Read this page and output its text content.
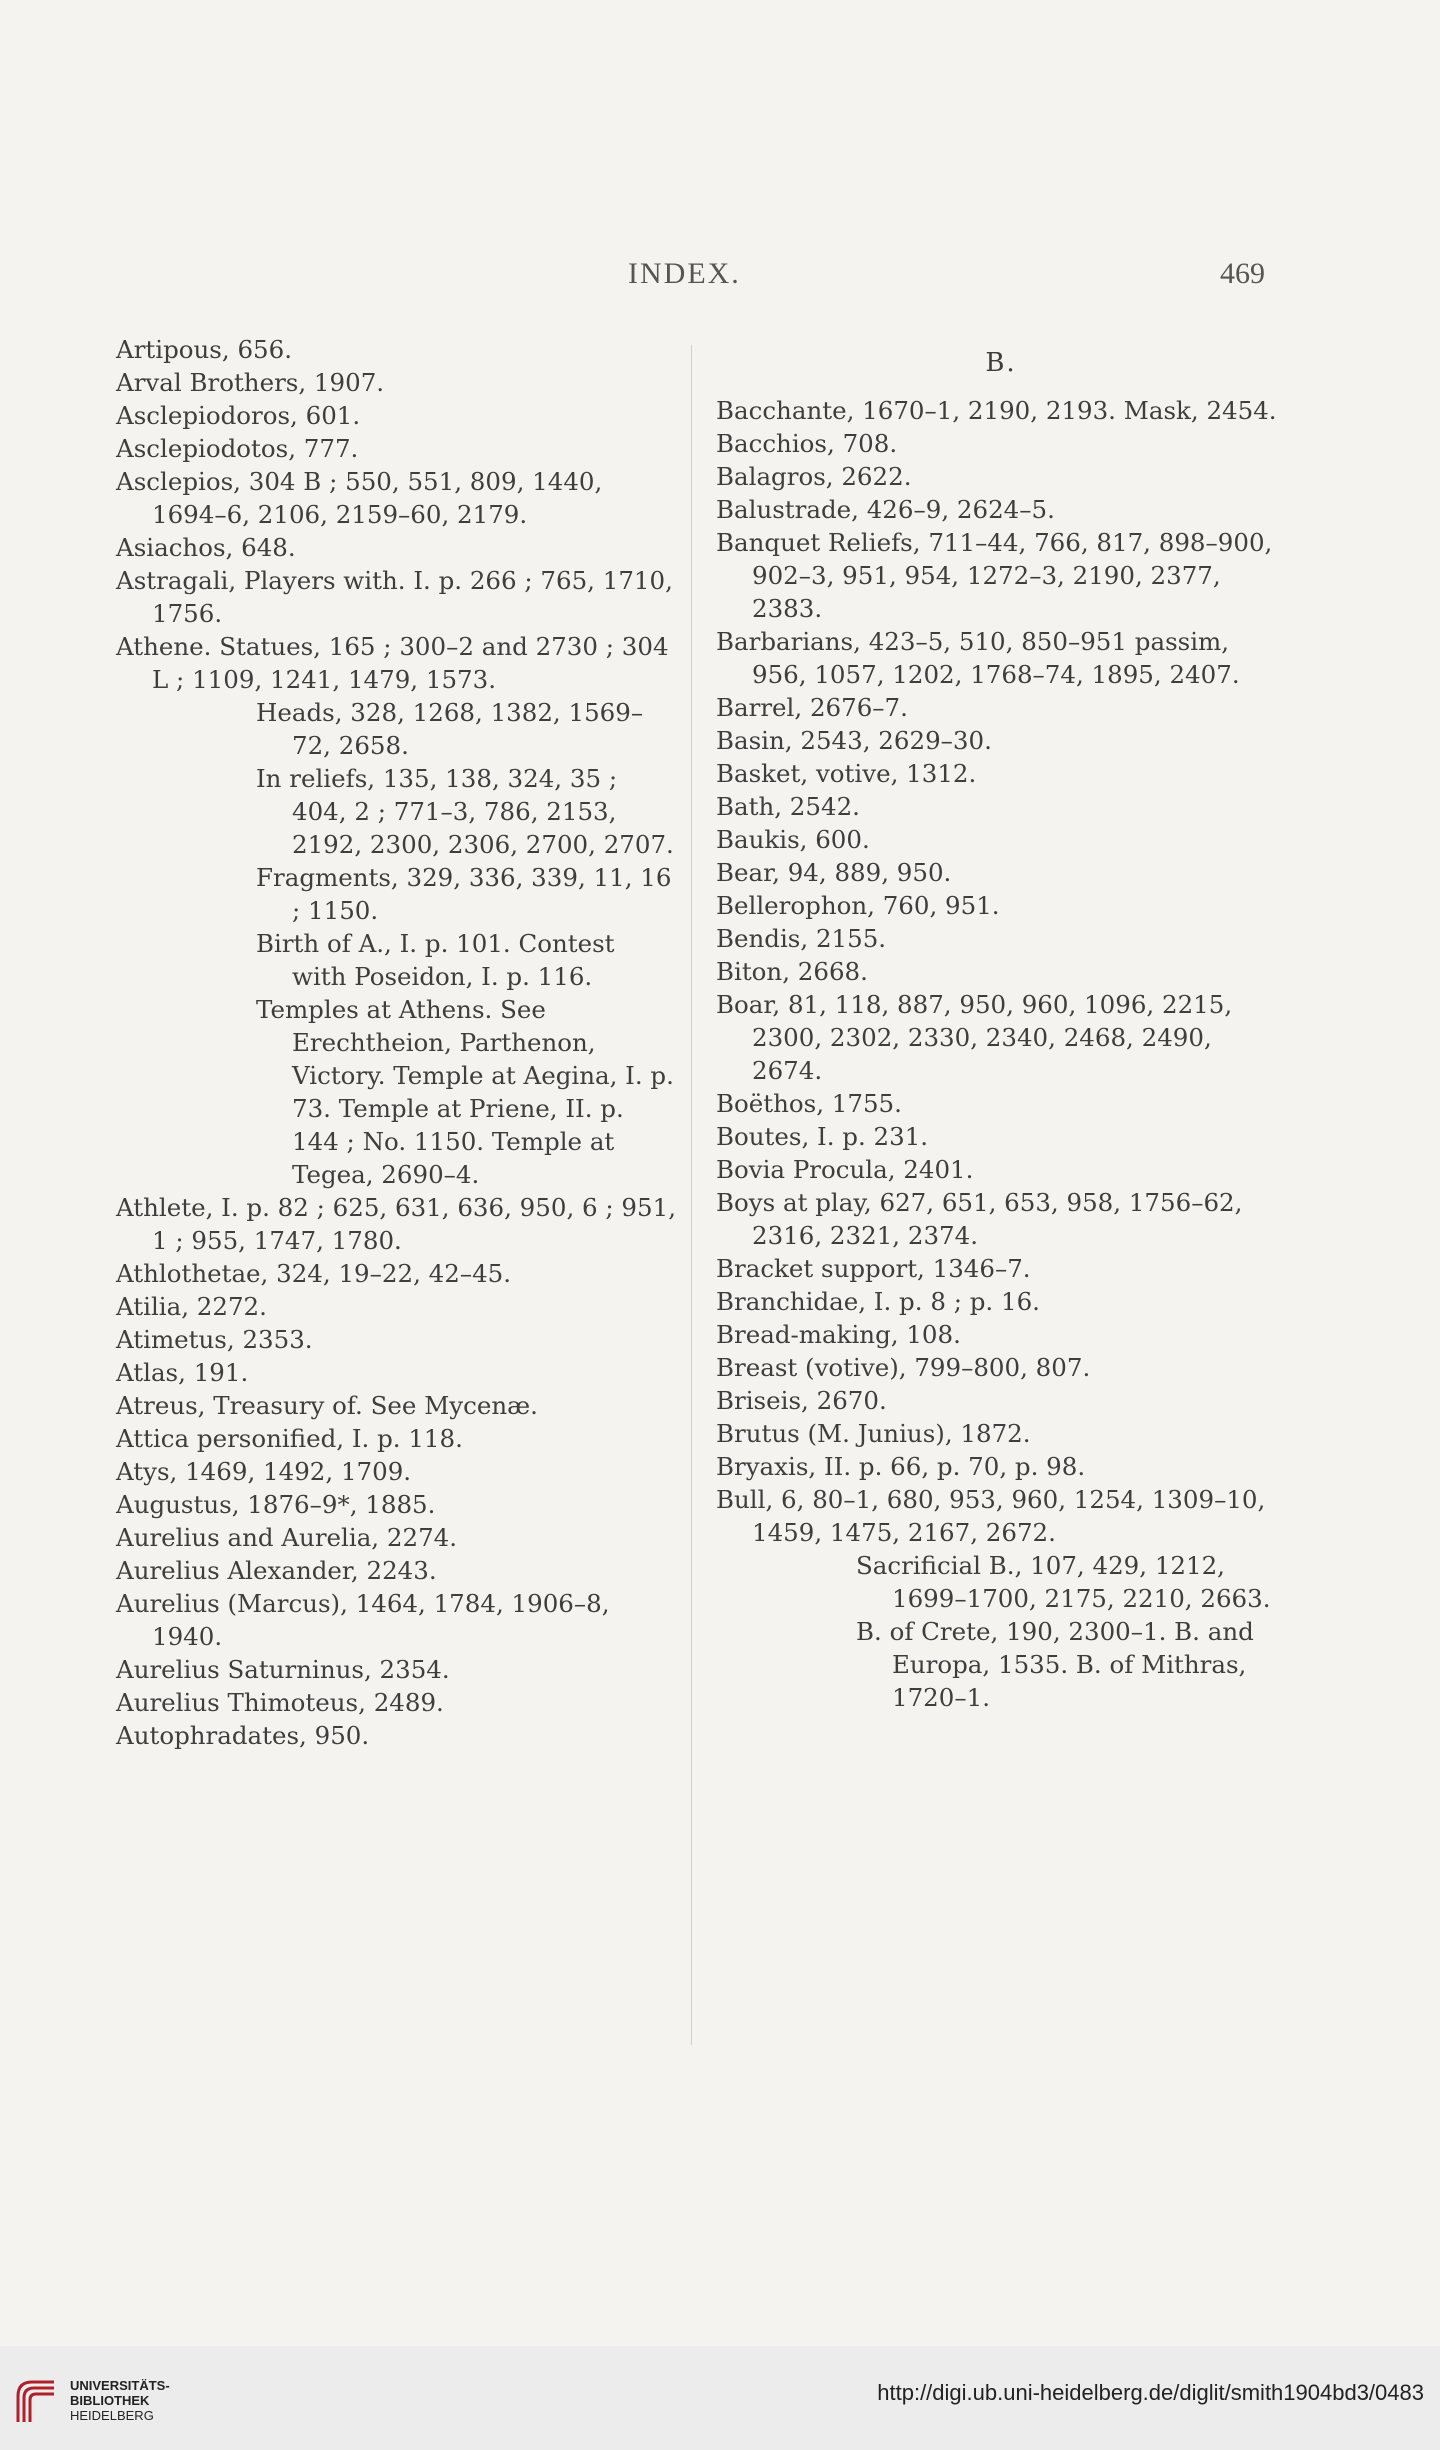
INDEX.	469

Artipous, 656.

Arval Brothers, 1907.

Asclepiodoros, 601.

Asclepiodotos, 777.

Asclepios, 304 B ; 550, 551, 809, 1440, 1694–6, 2106, 2159–60, 2179.

Asiachos, 648.

Astragali, Players with. I. p. 266 ; 765, 1710, 1756.

Athene. Statues, 165 ; 300–2 and 2730 ; 304 L ; 1109, 1241, 1479, 1573.

Heads, 328, 1268, 1382, 1569–72, 2658.

In reliefs, 135, 138, 324, 35 ; 404, 2 ; 771–3, 786, 2153, 2192, 2300, 2306, 2700, 2707.

Fragments, 329, 336, 339, 11, 16 ; 1150.

Birth of A., I. p. 101. Contest with Poseidon, I. p. 116.

Temples at Athens. See Erechtheion, Parthenon, Victory. Temple at Aegina, I. p. 73. Temple at Priene, II. p. 144 ; No. 1150. Temple at Tegea, 2690–4.

Athlete, I. p. 82 ; 625, 631, 636, 950, 6 ; 951, 1 ; 955, 1747, 1780.

Athlothetae, 324, 19–22, 42–45.

Atilia, 2272.

Atimetus, 2353.

Atlas, 191.

Atreus, Treasury of. See Mycenæ.

Attica personified, I. p. 118.

Atys, 1469, 1492, 1709.

Augustus, 1876–9*, 1885.

Aurelius and Aurelia, 2274.

Aurelius Alexander, 2243.

Aurelius (Marcus), 1464, 1784, 1906–8, 1940.

Aurelius Saturninus, 2354.

Aurelius Thimoteus, 2489.

Autophradates, 950.

B.

Bacchante, 1670–1, 2190, 2193. Mask, 2454.

Bacchios, 708.

Balagros, 2622.

Balustrade, 426–9, 2624–5.

Banquet Reliefs, 711–44, 766, 817, 898–900, 902–3, 951, 954, 1272–3, 2190, 2377, 2383.

Barbarians, 423–5, 510, 850–951 passim, 956, 1057, 1202, 1768–74, 1895, 2407.

Barrel, 2676–7.

Basin, 2543, 2629–30.

Basket, votive, 1312.

Bath, 2542.

Baukis, 600.

Bear, 94, 889, 950.

Bellerophon, 760, 951.

Bendis, 2155.

Biton, 2668.

Boar, 81, 118, 887, 950, 960, 1096, 2215, 2300, 2302, 2330, 2340, 2468, 2490, 2674.

Boëthos, 1755.

Boutes, I. p. 231.

Bovia Procula, 2401.

Boys at play, 627, 651, 653, 958, 1756–62, 2316, 2321, 2374.

Bracket support, 1346–7.

Branchidae, I. p. 8 ; p. 16.

Bread-making, 108.

Breast (votive), 799–800, 807.

Briseis, 2670.

Brutus (M. Junius), 1872.

Bryaxis, II. p. 66, p. 70, p. 98.

Bull, 6, 80–1, 680, 953, 960, 1254, 1309–10, 1459, 1475, 2167, 2672.

Sacrificial B., 107, 429, 1212, 1699–1700, 2175, 2210, 2663.

B. of Crete, 190, 2300–1. B. and Europa, 1535. B. of Mithras, 1720–1.

UNIVERSITÄTS-
BIBLIOTHEK
HEIDELBERG
http://digi.ub.uni-heidelberg.de/diglit/smith1904bd3/0483
